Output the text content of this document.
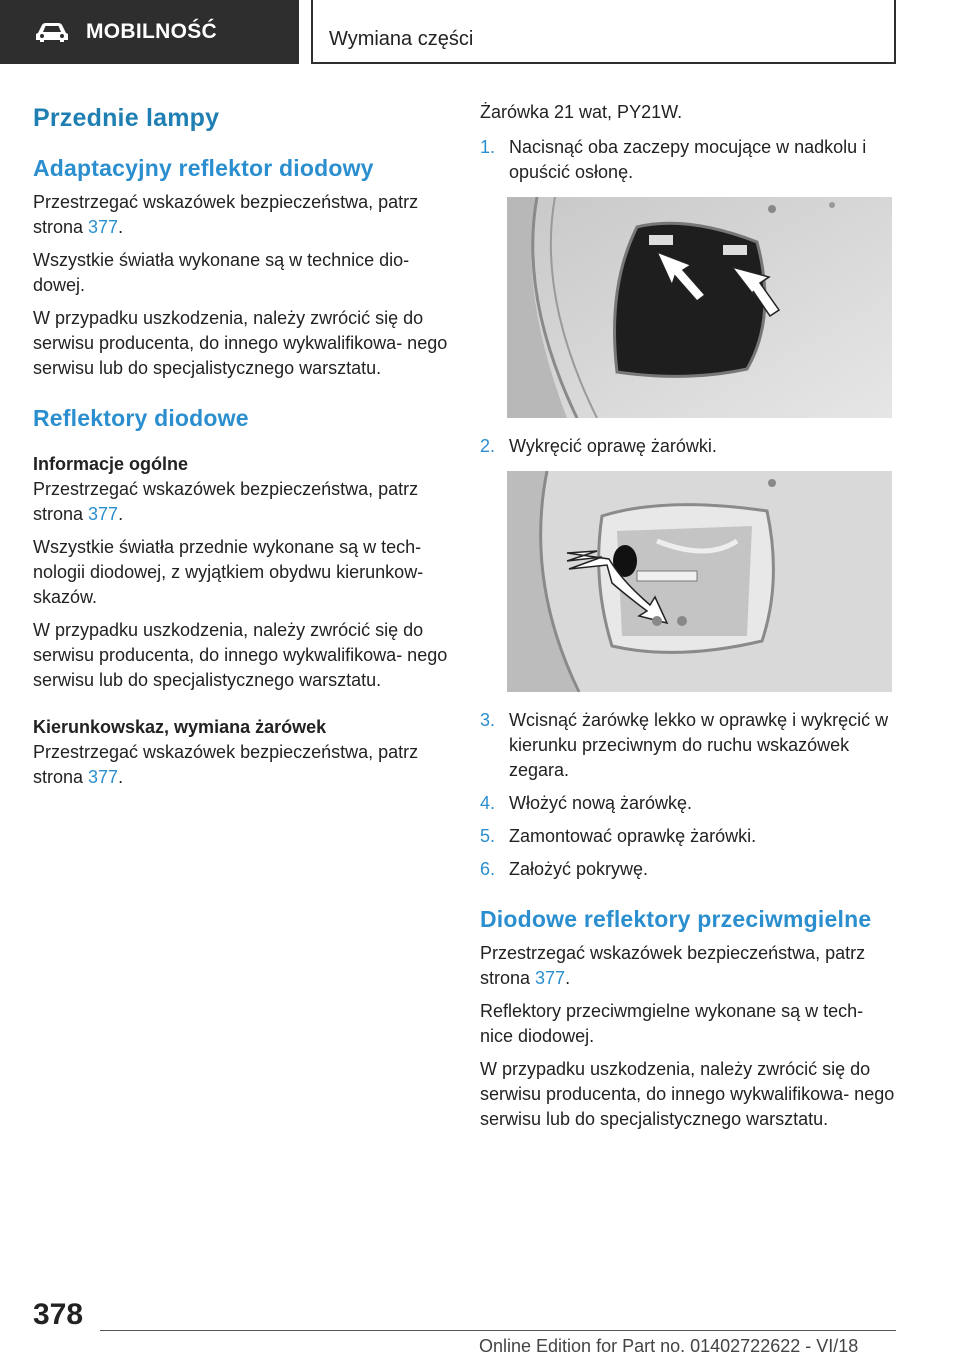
MOBILNOŚĆ	Wymiana części
Przednie lampy
Adaptacyjny reflektor diodowy

Przestrzegać wskazówek bezpieczeństwa, patrz strona 377.

Wszystkie światła wykonane są w technice dio- dowej.

W przypadku uszkodzenia, należy zwrócić się do serwisu producenta, do innego wykwalifikowa- nego serwisu lub do specjalistycznego warsztatu.

Reflektory diodowe
Informacje ogólne

Przestrzegać wskazówek bezpieczeństwa, patrz strona 377.

Wszystkie światła przednie wykonane są w tech- nologii diodowej, z wyjątkiem obydwu kierunkow- skazów.

W przypadku uszkodzenia, należy zwrócić się do serwisu producenta, do innego wykwalifikowa- nego serwisu lub do specjalistycznego warsztatu.

Kierunkowskaz, wymiana żarówek

Przestrzegać wskazówek bezpieczeństwa, patrz strona 377.

Żarówka 21 wat, PY21W.

1. Nacisnąć oba zaczepy mocujące w nadkolu i opuścić osłonę.
2. Wykręcić oprawę żarówki.
3. Wcisnąć żarówkę lekko w oprawkę i wykręcić w kierunku przeciwnym do ruchu wskazówek zegara.
4. Włożyć nową żarówkę.
5. Zamontować oprawkę żarówki.
6. Założyć pokrywę.
Diodowe reflektory przeciwmgielne

Przestrzegać wskazówek bezpieczeństwa, patrz strona 377.

Reflektory przeciwmgielne wykonane są w tech- nice diodowej.

W przypadku uszkodzenia, należy zwrócić się do serwisu producenta, do innego wykwalifikowa- nego serwisu lub do specjalistycznego warsztatu.

378
Online Edition for Part no. 01402722622 - VI/18
